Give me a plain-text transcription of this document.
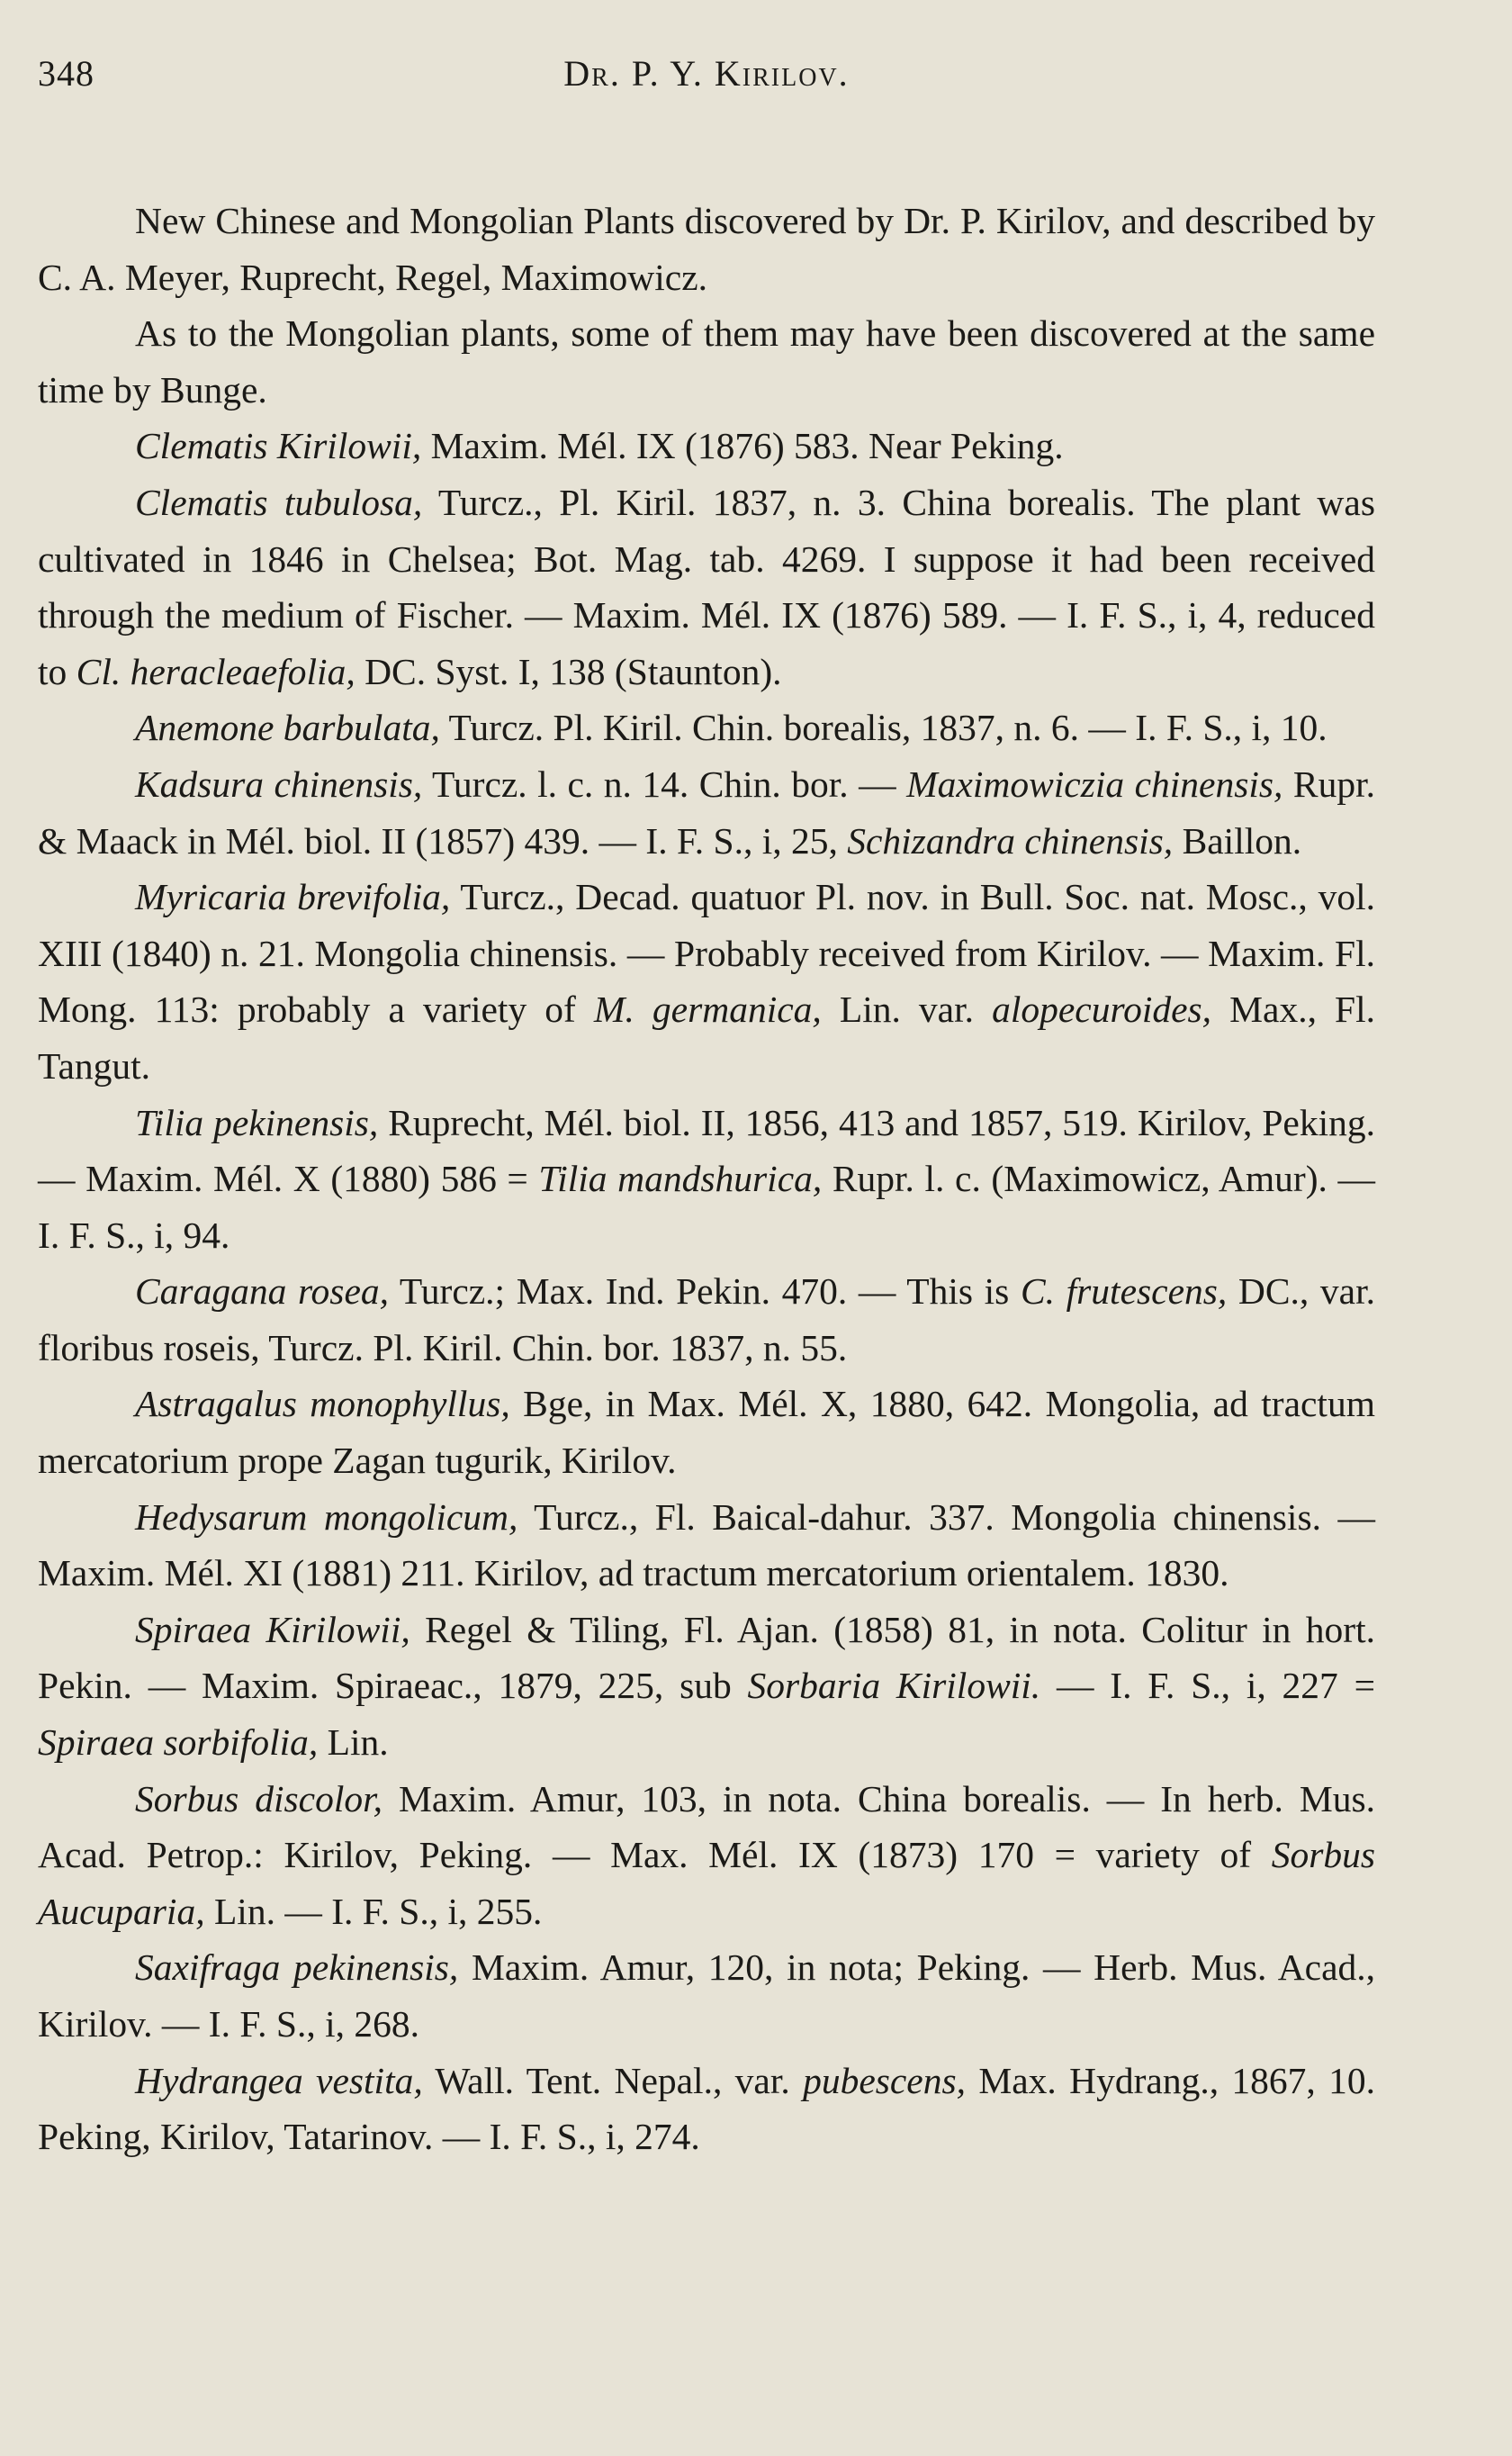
348	Dr. P. Y. Kirilov.

New Chinese and Mongolian Plants discovered by Dr. P. Kirilov, and described by C. A. Meyer, Ruprecht, Regel, Maximowicz.

As to the Mongolian plants, some of them may have been discovered at the same time by Bunge.

Clematis Kirilowii, Maxim. Mél. IX (1876) 583. Near Peking.

Clematis tubulosa, Turcz., Pl. Kiril. 1837, n. 3. China borealis. The plant was cultivated in 1846 in Chelsea; Bot. Mag. tab. 4269. I suppose it had been received through the medium of Fischer. — Maxim. Mél. IX (1876) 589. — I. F. S., i, 4, reduced to Cl. heracleaefolia, DC. Syst. I, 138 (Staunton).

Anemone barbulata, Turcz. Pl. Kiril. Chin. borealis, 1837, n. 6. — I. F. S., i, 10.

Kadsura chinensis, Turcz. l. c. n. 14. Chin. bor. — Maximowiczia chinensis, Rupr. & Maack in Mél. biol. II (1857) 439. — I. F. S., i, 25, Schizandra chinensis, Baillon.

Myricaria brevifolia, Turcz., Decad. quatuor Pl. nov. in Bull. Soc. nat. Mosc., vol. XIII (1840) n. 21. Mongolia chinensis. — Probably received from Kirilov. — Maxim. Fl. Mong. 113: probably a variety of M. germanica, Lin. var. alopecuroides, Max., Fl. Tangut.

Tilia pekinensis, Ruprecht, Mél. biol. II, 1856, 413 and 1857, 519. Kirilov, Peking. — Maxim. Mél. X (1880) 586 = Tilia mandshurica, Rupr. l. c. (Maximowicz, Amur). — I. F. S., i, 94.

Caragana rosea, Turcz.; Max. Ind. Pekin. 470. — This is C. frutescens, DC., var. floribus roseis, Turcz. Pl. Kiril. Chin. bor. 1837, n. 55.

Astragalus monophyllus, Bge, in Max. Mél. X, 1880, 642. Mongolia, ad tractum mercatorium prope Zagan tugurik, Kirilov.

Hedysarum mongolicum, Turcz., Fl. Baical-dahur. 337. Mongolia chinensis. — Maxim. Mél. XI (1881) 211. Kirilov, ad tractum mercatorium orientalem. 1830.

Spiraea Kirilowii, Regel & Tiling, Fl. Ajan. (1858) 81, in nota. Colitur in hort. Pekin. — Maxim. Spiraeac., 1879, 225, sub Sorbaria Kirilowii. — I. F. S., i, 227 = Spiraea sorbifolia, Lin.

Sorbus discolor, Maxim. Amur, 103, in nota. China borealis. — In herb. Mus. Acad. Petrop.: Kirilov, Peking. — Max. Mél. IX (1873) 170 = variety of Sorbus Aucuparia, Lin. — I. F. S., i, 255.

Saxifraga pekinensis, Maxim. Amur, 120, in nota; Peking. — Herb. Mus. Acad., Kirilov. — I. F. S., i, 268.

Hydrangea vestita, Wall. Tent. Nepal., var. pubescens, Max. Hydrang., 1867, 10. Peking, Kirilov, Tatarinov. — I. F. S., i, 274.
